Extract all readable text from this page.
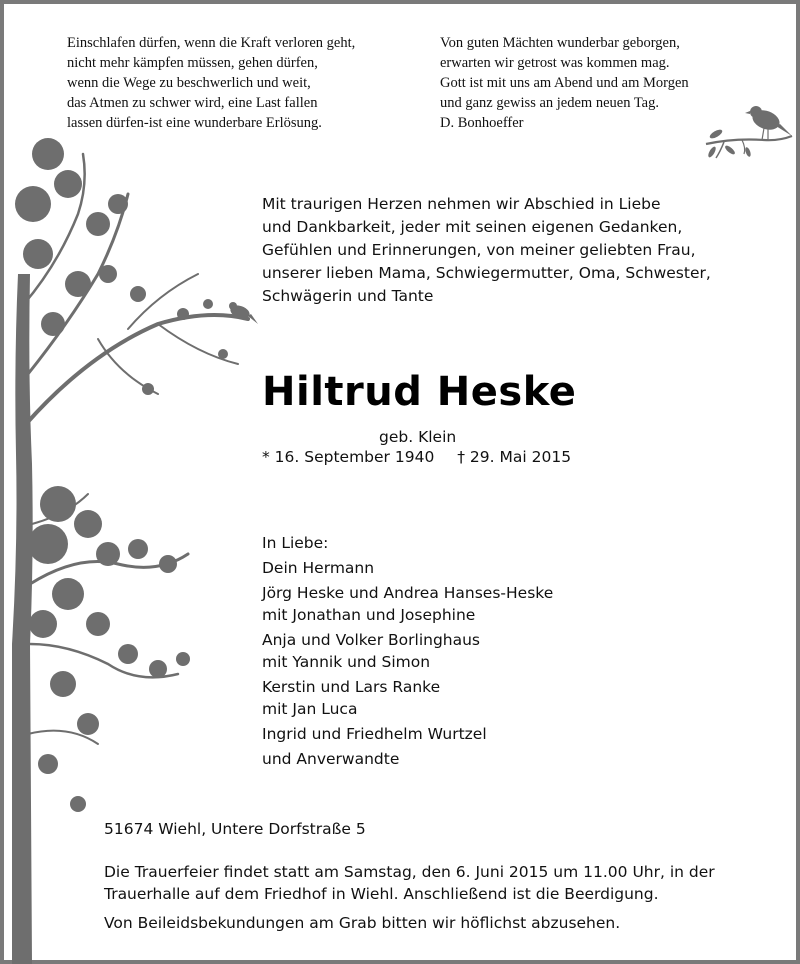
Einschlafen dürfen, wenn die Kraft verloren geht,
nicht mehr kämpfen müssen, gehen dürfen,
wenn die Wege zu beschwerlich und weit,
das Atmen zu schwer wird, eine Last fallen
lassen dürfen-ist eine wunderbare Erlösung.
Von guten Mächten wunderbar geborgen,
erwarten wir getrost was kommen mag.
Gott ist mit uns am Abend und am Morgen
und ganz gewiss an jedem neuen Tag.
D. Bonhoeffer
Mit traurigen Herzen nehmen wir Abschied in Liebe
und Dankbarkeit, jeder mit seinen eigenen Gedanken,
Gefühlen und Erinnerungen, von meiner geliebten Frau,
unserer lieben Mama, Schwiegermutter, Oma, Schwester,
Schwägerin und Tante
Hiltrud Heske
geb. Klein
* 16. September 1940 † 29. Mai 2015
In Liebe:
Dein Hermann
Jörg Heske und Andrea Hanses-Heske
mit Jonathan und Josephine
Anja und Volker Borlinghaus
mit Yannik und Simon
Kerstin und Lars Ranke
mit Jan Luca
Ingrid und Friedhelm Wurtzel
und Anverwandte
51674 Wiehl, Untere Dorfstraße 5
Die Trauerfeier findet statt am Samstag, den 6. Juni 2015 um 11.00 Uhr, in der
Trauerhalle auf dem Friedhof in Wiehl. Anschließend ist die Beerdigung.
Von Beileidsbekundungen am Grab bitten wir höflichst abzusehen.
